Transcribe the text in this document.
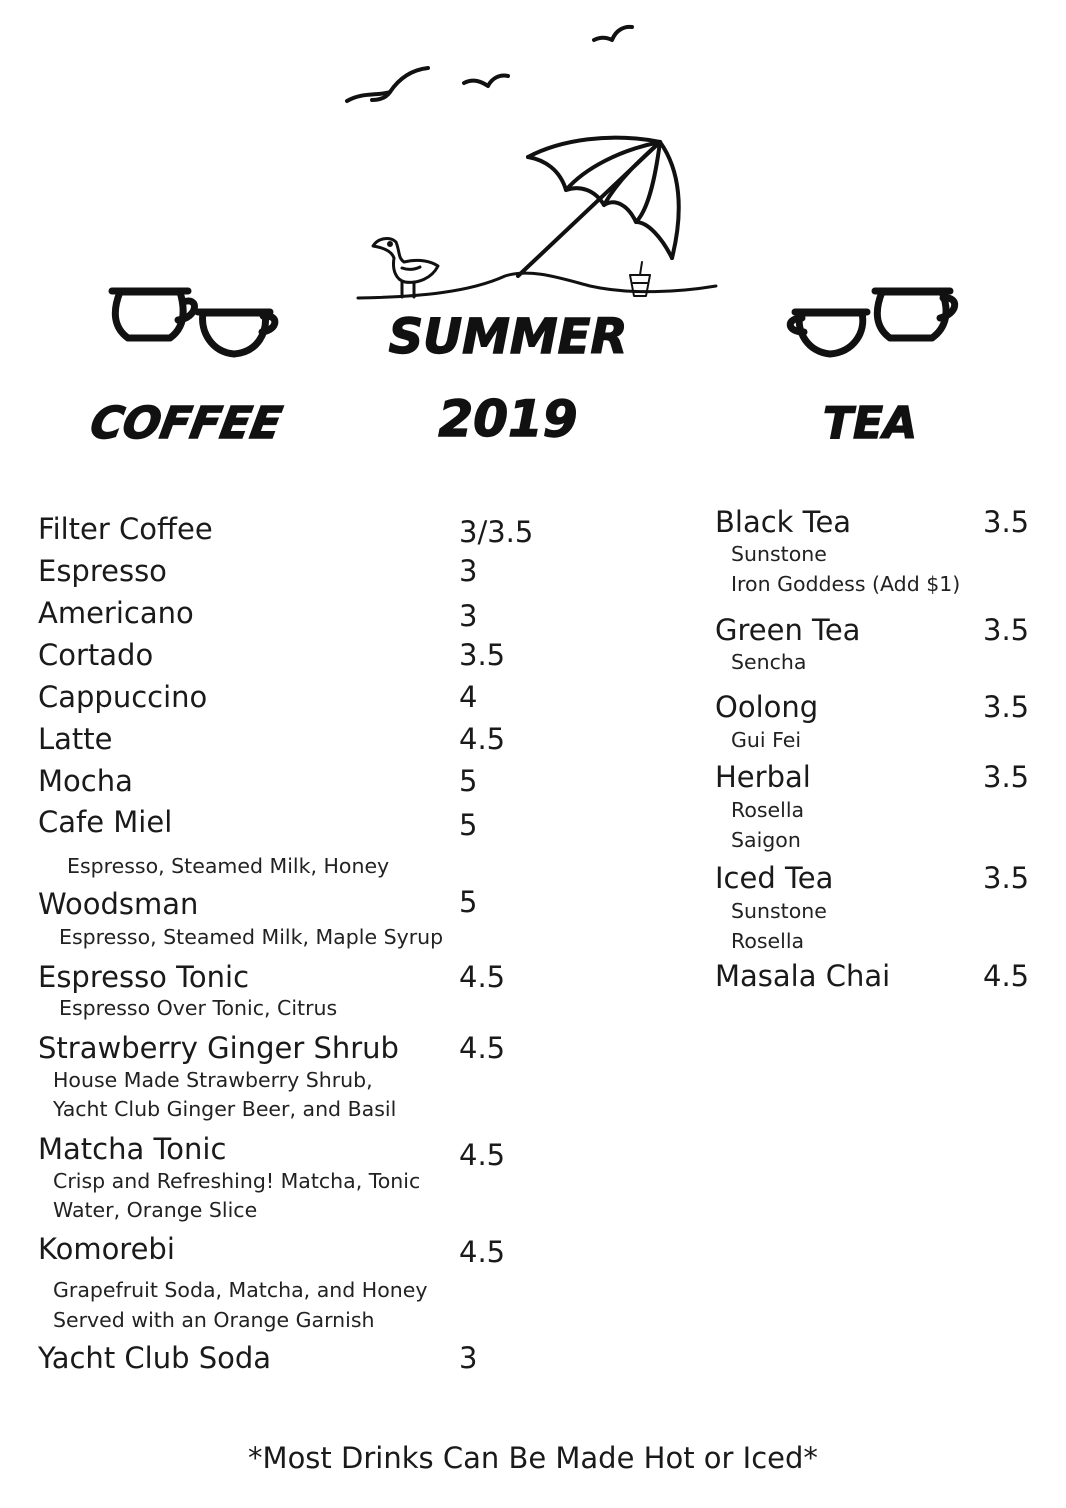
COFFEE
SUMMER
2019	TEA
Filter Coffee	3/3.5
Espresso	3
Americano	3
Cortado	3.5
Cappuccino	4
Latte	4.5
Mocha	5
Cafe Miel	5
Espresso, Steamed Milk, Honey
Woodsman	5
Espresso, Steamed Milk, Maple Syrup
Espresso Tonic	4.5
Espresso Over Tonic, Citrus
Strawberry Ginger Shrub 4.5
House Made Strawberry Shrub,
Yacht Club Ginger Beer, and Basil
Matcha Tonic	4.5
Crisp and Refreshing! Matcha, Tonic
Water, Orange Slice
Komorebi	4.5
Grapefruit Soda, Matcha, and Honey
Served with an Orange Garnish
Yacht Club Soda	3
Black Tea	3.5
Sunstone
Iron Goddess (Add $1)
Green Tea	3.5
Sencha
Oolong	3.5
Gui Fei
Herbal	3.5
Rosella
Saigon
Iced Tea	3.5
Sunstone
Rosella
Masala Chai	4.5
*Most Drinks Can Be Made Hot or Iced*
